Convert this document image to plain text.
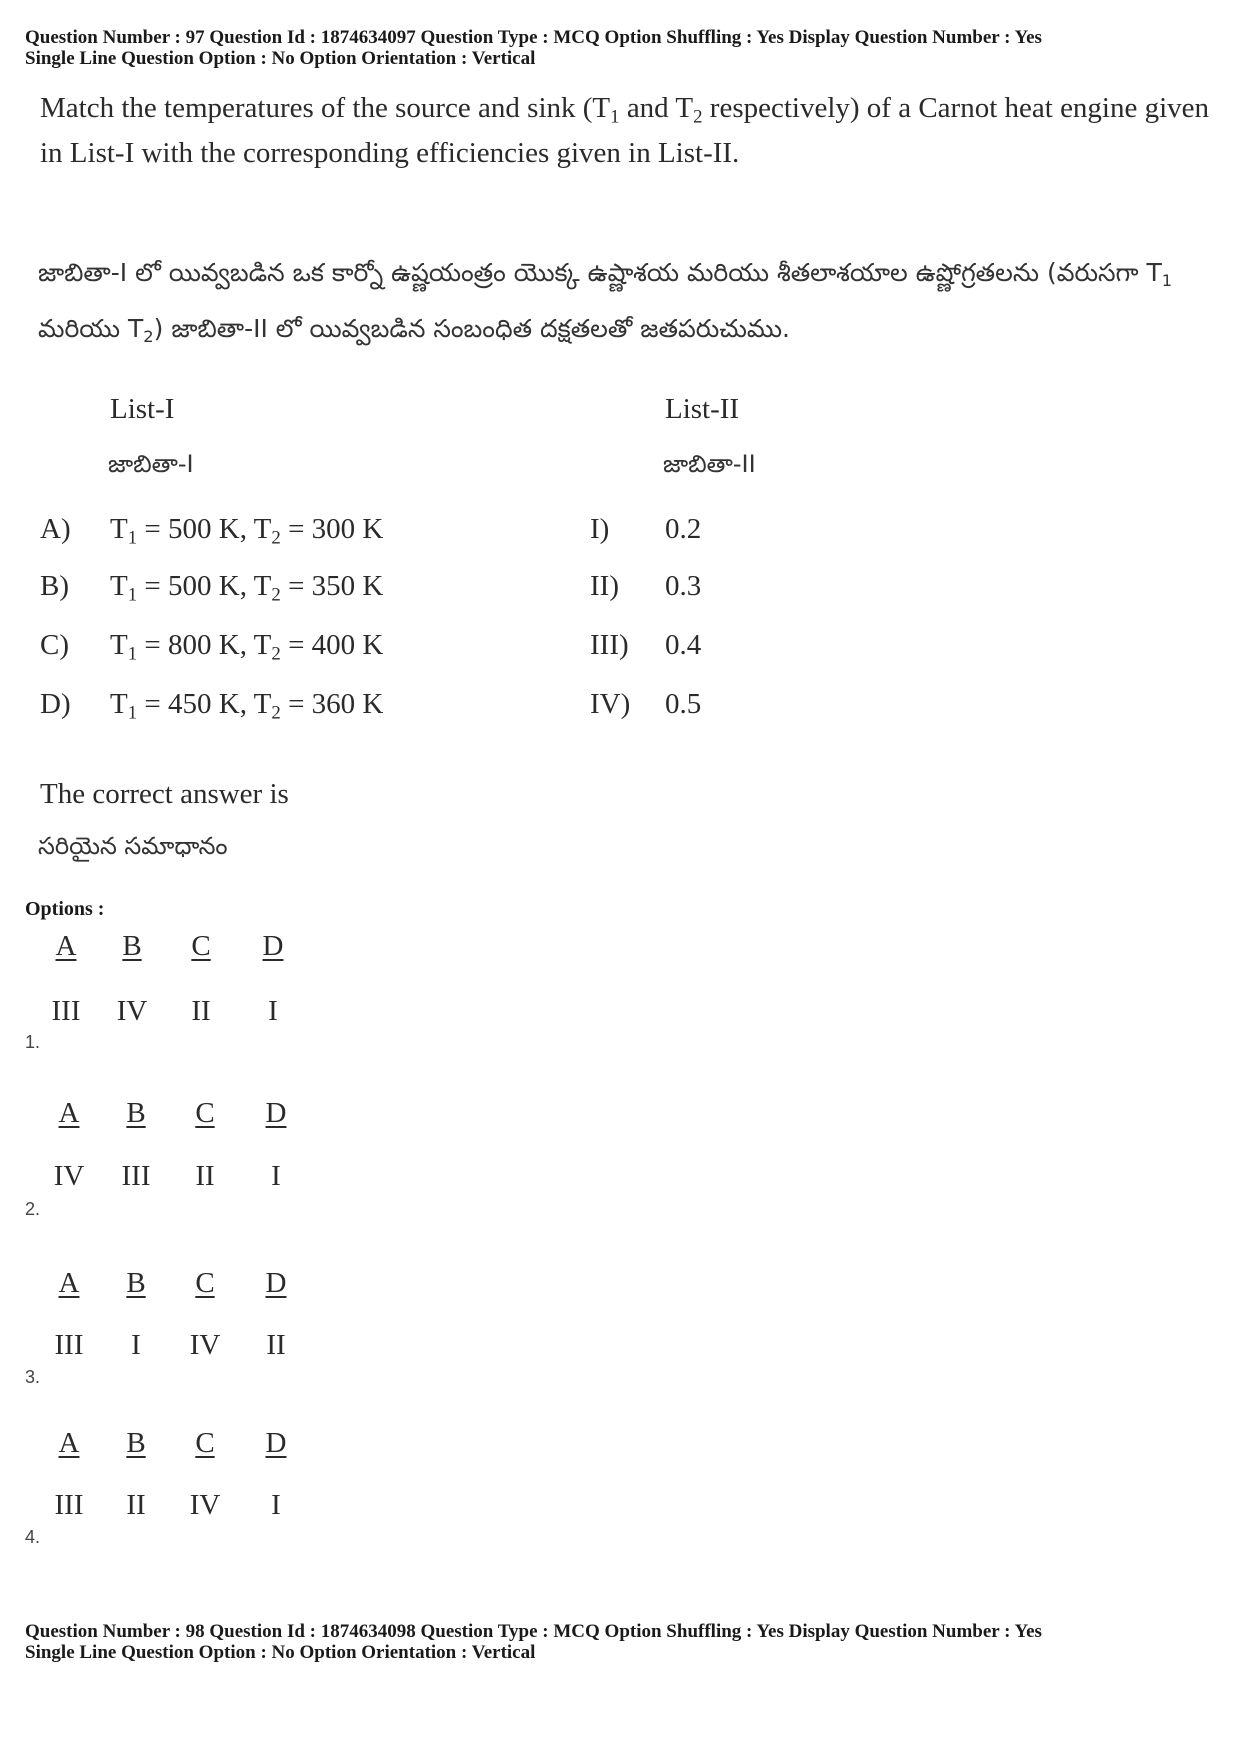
Question Number : 97 Question Id : 1874634097 Question Type : MCQ Option Shuffling : Yes Display Question Number : Yes
Single Line Question Option : No Option Orientation : Vertical
Match the temperatures of the source and sink ($T_1$ and $T_2$ respectively) of a Carnot heat engine given in List-I with the corresponding efficiencies given in List-II.
జాబితా-I లో యివ్వబడిన ఒక కార్నో ఉష్ణయంత్రం యొక్క ఉష్ణాశయ మరియు శీతలాశయాల ఉష్ణోగ్రతలను (వరుసగా $T_1$ మరియు $T_2$) జాబితా-II లో యివ్వబడిన సంబంధిత దక్షతలతో జతపరుచుము.
List-I
జాబితా-I
List-II
జాబితా-II
A) $T_1 = 500$ K, $T_2 = 300$ K	I) 0.2
B) $T_1 = 500$ K, $T_2 = 350$ K	II) 0.3
C) $T_1 = 800$ K, $T_2 = 400$ K	III) 0.4
D) $T_1 = 450$ K, $T_2 = 360$ K	IV) 0.5
The correct answer is
సరియైన సమాధానం
Options :
A	B	C	D
III IV	II	I
1.
A	B	C	D
IV III	II	I
2.
A	B	C	D
III	I	IV	II
3.
A	B	C	D
III	II	IV	I
4.
Question Number : 98 Question Id : 1874634098 Question Type : MCQ Option Shuffling : Yes Display Question Number : Yes
Single Line Question Option : No Option Orientation : Vertical
